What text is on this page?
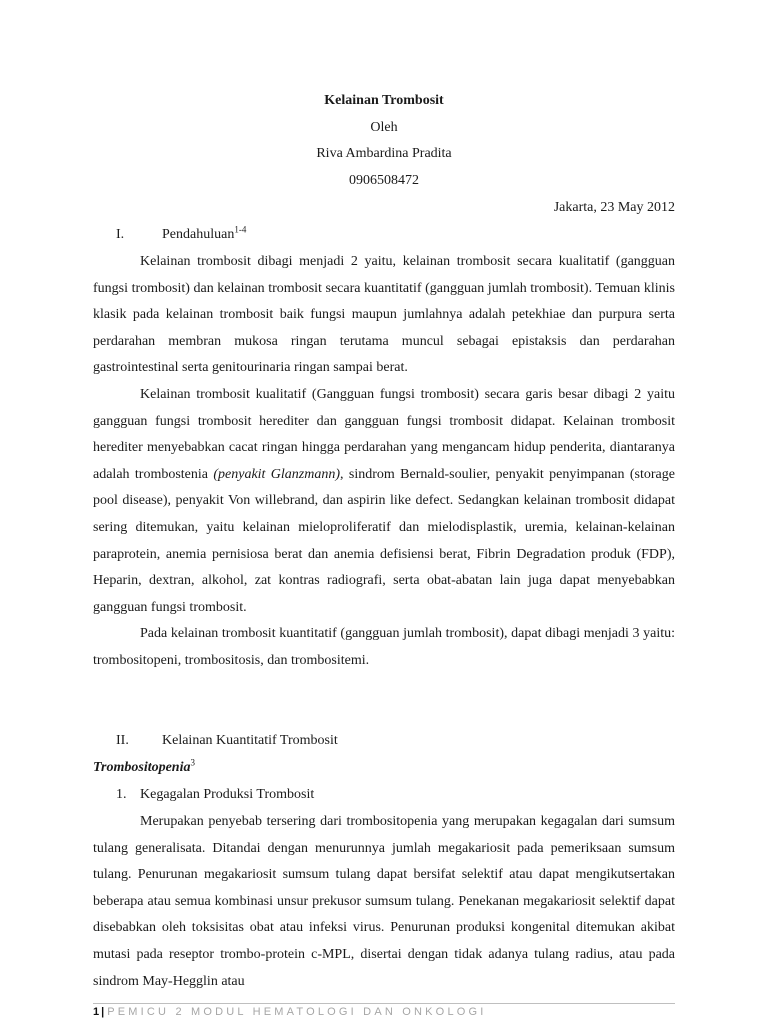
Kelainan Trombosit
Oleh
Riva Ambardina Pradita
0906508472
Jakarta, 23 May 2012
I.	Pendahuluan$^{1-4}$

Kelainan trombosit dibagi menjadi 2 yaitu, kelainan trombosit secara kualitatif (gangguan fungsi trombosit) dan kelainan trombosit secara kuantitatif (gangguan jumlah trombosit). Temuan klinis klasik pada kelainan trombosit baik fungsi maupun jumlahnya adalah petekhiae dan purpura serta perdarahan membran mukosa ringan terutama muncul sebagai epistaksis dan perdarahan gastrointestinal serta genitourinaria ringan sampai berat.

Kelainan trombosit kualitatif (Gangguan fungsi trombosit) secara garis besar dibagi 2 yaitu gangguan fungsi trombosit herediter dan gangguan fungsi trombosit didapat. Kelainan trombosit herediter menyebabkan cacat ringan hingga perdarahan yang mengancam hidup penderita, diantaranya adalah trombostenia (penyakit Glanzmann), sindrom Bernald-soulier, penyakit penyimpanan (storage pool disease), penyakit Von willebrand, dan aspirin like defect. Sedangkan kelainan trombosit didapat sering ditemukan, yaitu kelainan mieloproliferatif dan mielodisplastik, uremia, kelainan-kelainan paraprotein, anemia pernisiosa berat dan anemia defisiensi berat, Fibrin Degradation produk (FDP), Heparin, dextran, alkohol, zat kontras radiografi, serta obat-abatan lain juga dapat menyebabkan gangguan fungsi trombosit.

Pada kelainan trombosit kuantitatif (gangguan jumlah trombosit), dapat dibagi menjadi 3 yaitu: trombositopeni, trombositosis, dan trombositemi.

II. Kelainan Kuantitatif Trombosit
Trombositopenia$^3$
1. Kegagalan Produksi Trombosit

Merupakan penyebab tersering dari trombositopenia yang merupakan kegagalan dari sumsum tulang generalisata. Ditandai dengan menurunnya jumlah megakariosit pada pemeriksaan sumsum tulang. Penurunan megakariosit sumsum tulang dapat bersifat selektif atau dapat mengikutsertakan beberapa atau semua kombinasi unsur prekusor sumsum tulang. Penekanan megakariosit selektif dapat disebabkan oleh toksisitas obat atau infeksi virus. Penurunan produksi kongenital ditemukan akibat mutasi pada reseptor trombo-protein c-MPL, disertai dengan tidak adanya tulang radius, atau pada sindrom May-Hegglin atau

1 | PEMICU 2 MODUL HEMATOLOGI DAN ONKOLOGI
